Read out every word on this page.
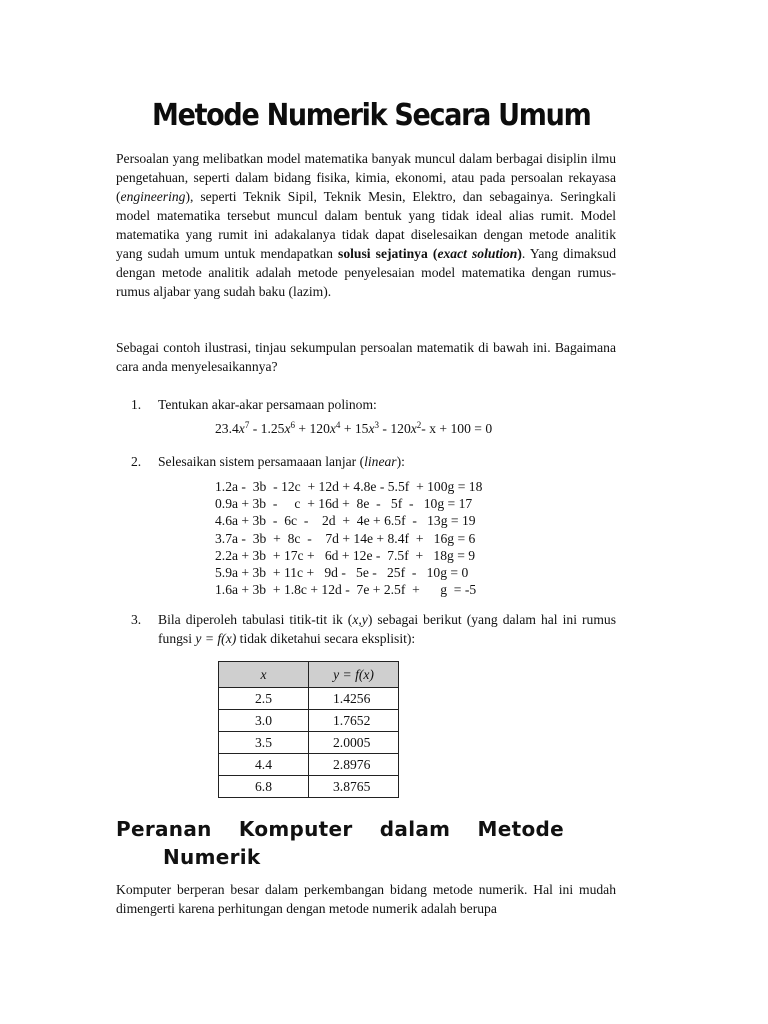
Metode Numerik Secara Umum

Persoalan yang melibatkan model matematika banyak muncul dalam berbagai disiplin ilmu pengetahuan, seperti dalam bidang fisika, kimia, ekonomi, atau pada persoalan rekayasa (engineering), seperti Teknik Sipil, Teknik Mesin, Elektro, dan sebagainya. Seringkali model matematika tersebut muncul dalam bentuk yang tidak ideal alias rumit. Model matematika yang rumit ini adakalanya tidak dapat diselesaikan dengan metode analitik yang sudah umum untuk mendapatkan solusi sejatinya (exact solution). Yang dimaksud dengan metode analitik adalah metode penyelesaian model matematika dengan rumus-rumus aljabar yang sudah baku (lazim).

Sebagai contoh ilustrasi, tinjau sekumpulan persoalan matematik di bawah ini. Bagaimana cara anda menyelesaikannya?

1. Tentukan akar-akar persamaan polinom:
$23.4x^7 - 1.25x^6 + 120x^4 + 15x^3 - 120x^2-$ x + 100 = 0
2. Selesaikan sistem persamaaan lanjar (linear):
1.2a -  3b  - 12c  + 12d + 4.8e - 5.5f  + 100g = 18
0.9a + 3b  -     c  + 16d +  8e  -   5f  -   10g = 17
4.6a + 3b  -  6c  -    2d  +  4e + 6.5f  -   13g = 19
3.7a -  3b  +  8c  -    7d + 14e + 8.4f  +   16g = 6
2.2a + 3b  + 17c +   6d + 12e -  7.5f  +   18g = 9
5.9a + 3b  + 11c +   9d -   5e -   25f  -   10g = 0
1.6a + 3b  + 1.8c + 12d -  7e + 2.5f  +      g  = -5
3. Bila diperoleh tabulasi titik-tit ik (x,y) sebagai berikut (yang dalam hal ini rumus fungsi y = f(x) tidak diketahui secara eksplisit):
x	y = f(x)
2.5	1.4256
3.0	1.7652
3.5	2.0005
4.4	2.8976
6.8	3.8765
Peranan Komputer dalam Metode
Numerik

Komputer berperan besar dalam perkembangan bidang metode numerik. Hal ini mudah dimengerti karena perhitungan dengan metode numerik adalah berupa
